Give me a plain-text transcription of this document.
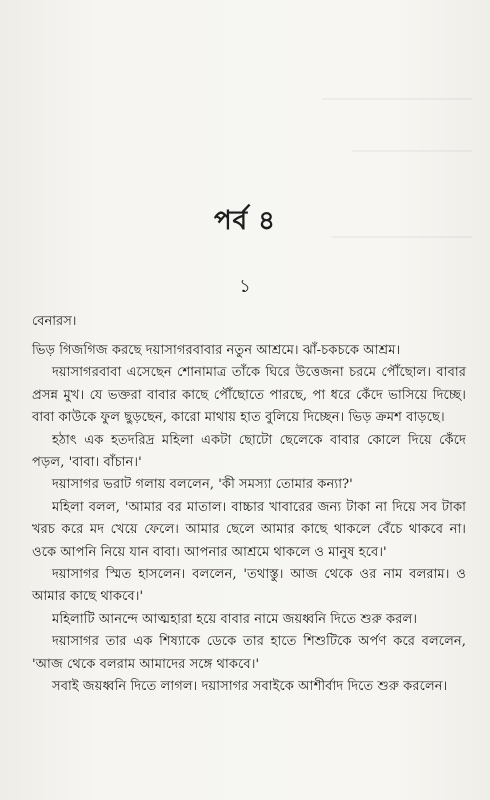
পর্ব ৪
১
বেনারস।

ভিড় গিজগিজ করছে দয়াসাগরবাবার নতুন আশ্রমে। ঝাঁ-চকচকে আশ্রম।

দয়াসাগরবাবা এসেছেন শোনামাত্র তাঁকে ঘিরে উত্তেজনা চরমে পৌঁছোল। বাবার প্রসন্ন মুখ। যে ভক্তরা বাবার কাছে পৌঁছোতে পারছে, পা ধরে কেঁদে ভাসিয়ে দিচ্ছে। বাবা কাউকে ফুল ছুড়ছেন, কারো মাথায় হাত বুলিয়ে দিচ্ছেন। ভিড় ক্রমশ বাড়ছে।

হঠাৎ এক হতদরিদ্র মহিলা একটা ছোটো ছেলেকে বাবার কোলে দিয়ে কেঁদে পড়ল, 'বাবা। বাঁচান।'

দয়াসাগর ভরাট গলায় বললেন, 'কী সমস্যা তোমার কন্যা?'

মহিলা বলল, 'আমার বর মাতাল। বাচ্চার খাবারের জন্য টাকা না দিয়ে সব টাকা খরচ করে মদ খেয়ে ফেলে। আমার ছেলে আমার কাছে থাকলে বেঁচে থাকবে না। ওকে আপনি নিয়ে যান বাবা। আপনার আশ্রমে থাকলে ও মানুষ হবে।'

দয়াসাগর স্মিত হাসলেন। বললেন, 'তথাস্তু। আজ থেকে ওর নাম বলরাম। ও আমার কাছে থাকবে।'

মহিলাটি আনন্দে আত্মহারা হয়ে বাবার নামে জয়ধ্বনি দিতে শুরু করল।

দয়াসাগর তার এক শিষ্যাকে ডেকে তার হাতে শিশুটিকে অর্পণ করে বললেন, 'আজ থেকে বলরাম আমাদের সঙ্গে থাকবে।'

সবাই জয়ধ্বনি দিতে লাগল। দয়াসাগর সবাইকে আশীর্বাদ দিতে শুরু করলেন।
